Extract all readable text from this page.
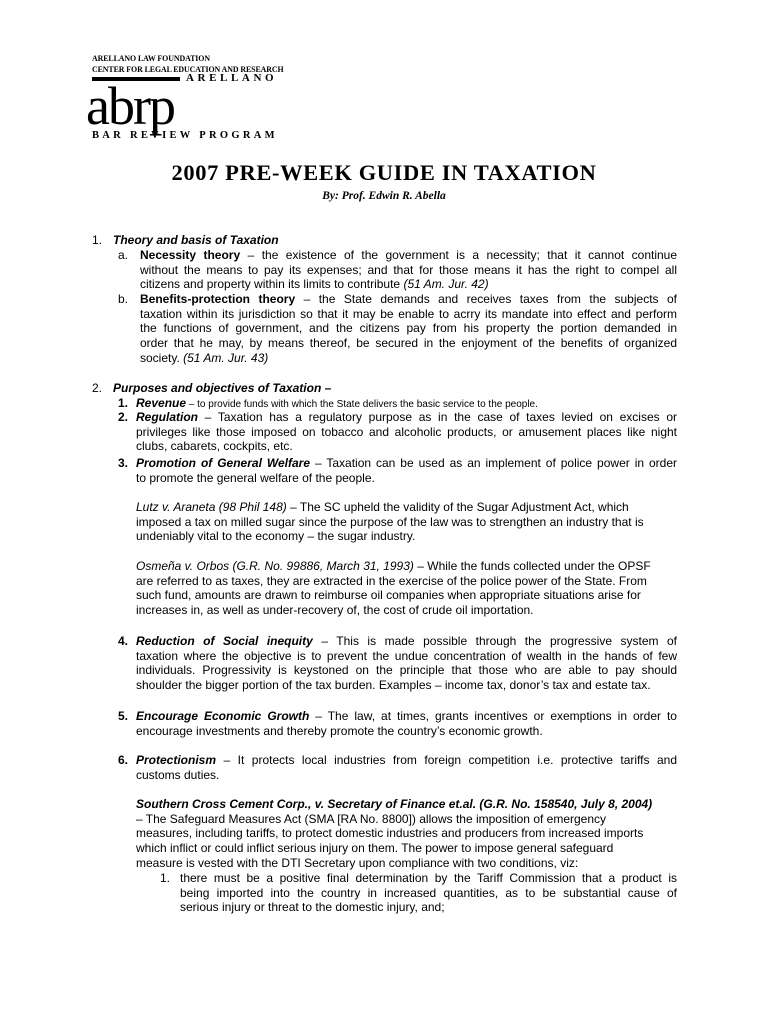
ARELLANO LAW FOUNDATION
CENTER FOR LEGAL EDUCATION AND RESEARCH
ARELLANO
abrp
BAR REVIEW PROGRAM
2007 PRE-WEEK GUIDE IN TAXATION
By: Prof. Edwin R. Abella
1. Theory and basis of Taxation
a. Necessity theory – the existence of the government is a necessity; that it cannot continue
without the means to pay its expenses; and that for those means it has the right to compel all
citizens and property within its limits to contribute (51 Am. Jur. 42)
b. Benefits-protection theory – the State demands and receives taxes from the subjects of
taxation within its jurisdiction so that it may be enable to acrry its mandate into effect and perform
the functions of government, and the citizens pay from his property the portion demanded in
order that he may, by means thereof, be secured in the enjoyment of the benefits of organized
society. (51 Am. Jur. 43)
2. Purposes and objectives of Taxation –
1. Revenue – to provide funds with which the State delivers the basic service to the people.
2. Regulation – Taxation has a regulatory purpose as in the case of taxes levied on excises or
privileges like those imposed on tobacco and alcoholic products, or amusement places like night
clubs, cabarets, cockpits, etc.
3. Promotion of General Welfare – Taxation can be used as an implement of police power in order
to promote the general welfare of the people.
Lutz v. Araneta (98 Phil 148) – The SC upheld the validity of the Sugar Adjustment Act, which
imposed a tax on milled sugar since the purpose of the law was to strengthen an industry that is
undeniably vital to the economy – the sugar industry.
Osmeña v. Orbos (G.R. No. 99886, March 31, 1993) – While the funds collected under the OPSF
are referred to as taxes, they are extracted in the exercise of the police power of the State. From
such fund, amounts are drawn to reimburse oil companies when appropriate situations arise for
increases in, as well as under-recovery of, the cost of crude oil importation.
4. Reduction of Social inequity – This is made possible through the progressive system of
taxation where the objective is to prevent the undue concentration of wealth in the hands of few
individuals. Progressivity is keystoned on the principle that those who are able to pay should
shoulder the bigger portion of the tax burden. Examples – income tax, donor’s tax and estate tax.
5. Encourage Economic Growth – The law, at times, grants incentives or exemptions in order to
encourage investments and thereby promote the country’s economic growth.
6. Protectionism – It protects local industries from foreign competition i.e. protective tariffs and
customs duties.
Southern Cross Cement Corp., v. Secretary of Finance et.al. (G.R. No. 158540, July 8, 2004)
– The Safeguard Measures Act (SMA [RA No. 8800]) allows the imposition of emergency
measures, including tariffs, to protect domestic industries and producers from increased imports
which inflict or could inflict serious injury on them. The power to impose general safeguard
measure is vested with the DTI Secretary upon compliance with two conditions, viz:
1. there must be a positive final determination by the Tariff Commission that a product is
being imported into the country in increased quantities, as to be substantial cause of
serious injury or threat to the domestic injury, and;
